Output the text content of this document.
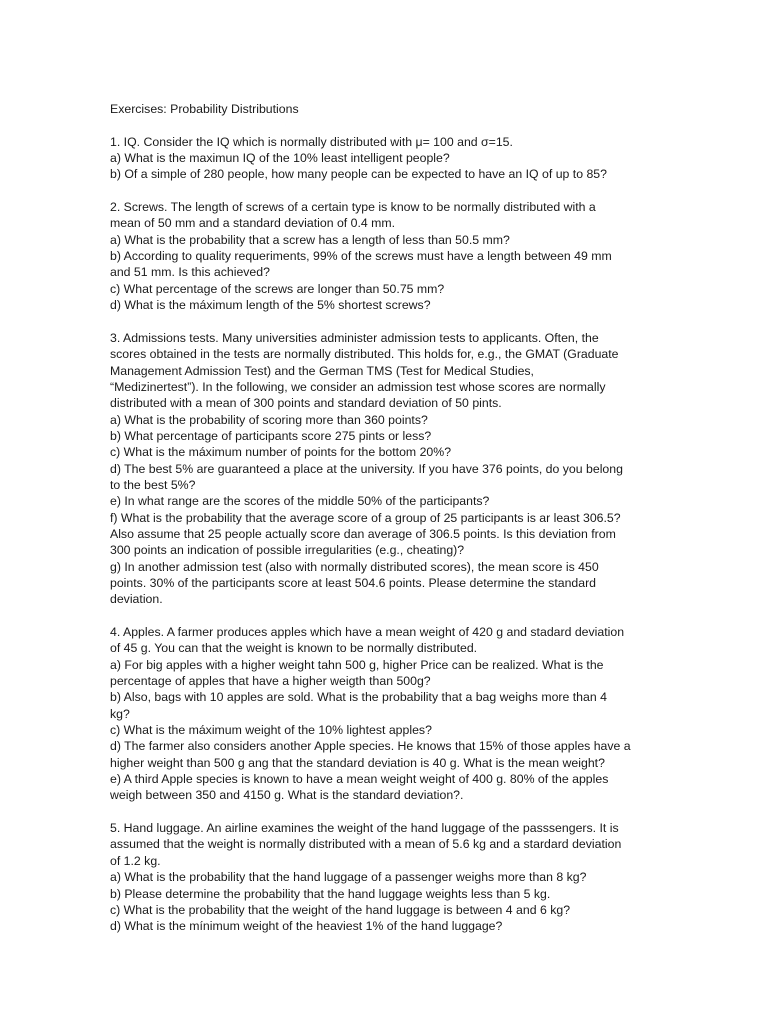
Exercises: Probability Distributions
1. IQ. Consider the IQ which is normally distributed with μ= 100 and σ=15.
a) What is the maximun IQ of the 10% least intelligent people?
b) Of a simple of 280 people, how many people can be expected to have an IQ of up to 85?
2. Screws. The length of screws of a certain type is know to be normally distributed with a
mean of 50 mm and a standard deviation of 0.4 mm.
a) What is the probability that a screw has a length of less than 50.5 mm?
b) According to quality requeriments, 99% of the screws must have a length between 49 mm
and 51 mm. Is this achieved?
c) What percentage of the screws are longer than 50.75 mm?
d) What is the máximum length of the 5% shortest screws?
3. Admissions tests. Many universities administer admission tests to applicants. Often, the
scores obtained in the tests are normally distributed. This holds for, e.g., the GMAT (Graduate
Management Admission Test) and the German TMS (Test for Medical Studies,
“Medizinertest”). In the following, we consider an admission test whose scores are normally
distributed with a mean of 300 points and standard deviation of 50 pints.
a) What is the probability of scoring more than 360 points?
b) What percentage of participants score 275 pints or less?
c) What is the máximum number of points for the bottom 20%?
d) The best 5% are guaranteed a place at the university. If you have 376 points, do you belong
to the best 5%?
e) In what range are the scores of the middle 50% of the participants?
f) What is the probability that the average score of a group of 25 participants is ar least 306.5?
Also assume that 25 people actually score dan average of 306.5 points. Is this deviation from
300 points an indication of possible irregularities (e.g., cheating)?
g) In another admission test (also with normally distributed scores), the mean score is 450
points. 30% of the participants score at least 504.6 points. Please determine the standard
deviation.
4. Apples. A farmer produces apples which have a mean weight of 420 g and stadard deviation
of 45 g. You can that the weight is known to be normally distributed.
a) For big apples with a higher weight tahn 500 g, higher Price can be realized. What is the
percentage of apples that have a higher weigth than 500g?
b) Also, bags with 10 apples are sold. What is the probability that a bag weighs more than 4
kg?
c) What is the máximum weight of the 10% lightest apples?
d) The farmer also considers another Apple species. He knows that 15% of those apples have a
higher weight than 500 g ang that the standard deviation is 40 g. What is the mean weight?
e) A third Apple species is known to have a mean weight weight of 400 g. 80% of the apples
weigh between 350 and 4150 g. What is the standard deviation?.
5. Hand luggage. An airline examines the weight of the hand luggage of the passsengers. It is
assumed that the weight is normally distributed with a mean of 5.6 kg and a stardard deviation
of 1.2 kg.
a) What is the probability that the hand luggage of a passenger weighs more than 8 kg?
b) Please determine the probability that the hand luggage weights less than 5 kg.
c) What is the probability that the weight of the hand luggage is between 4 and 6 kg?
d) What is the mínimum weight of the heaviest 1% of the hand luggage?
